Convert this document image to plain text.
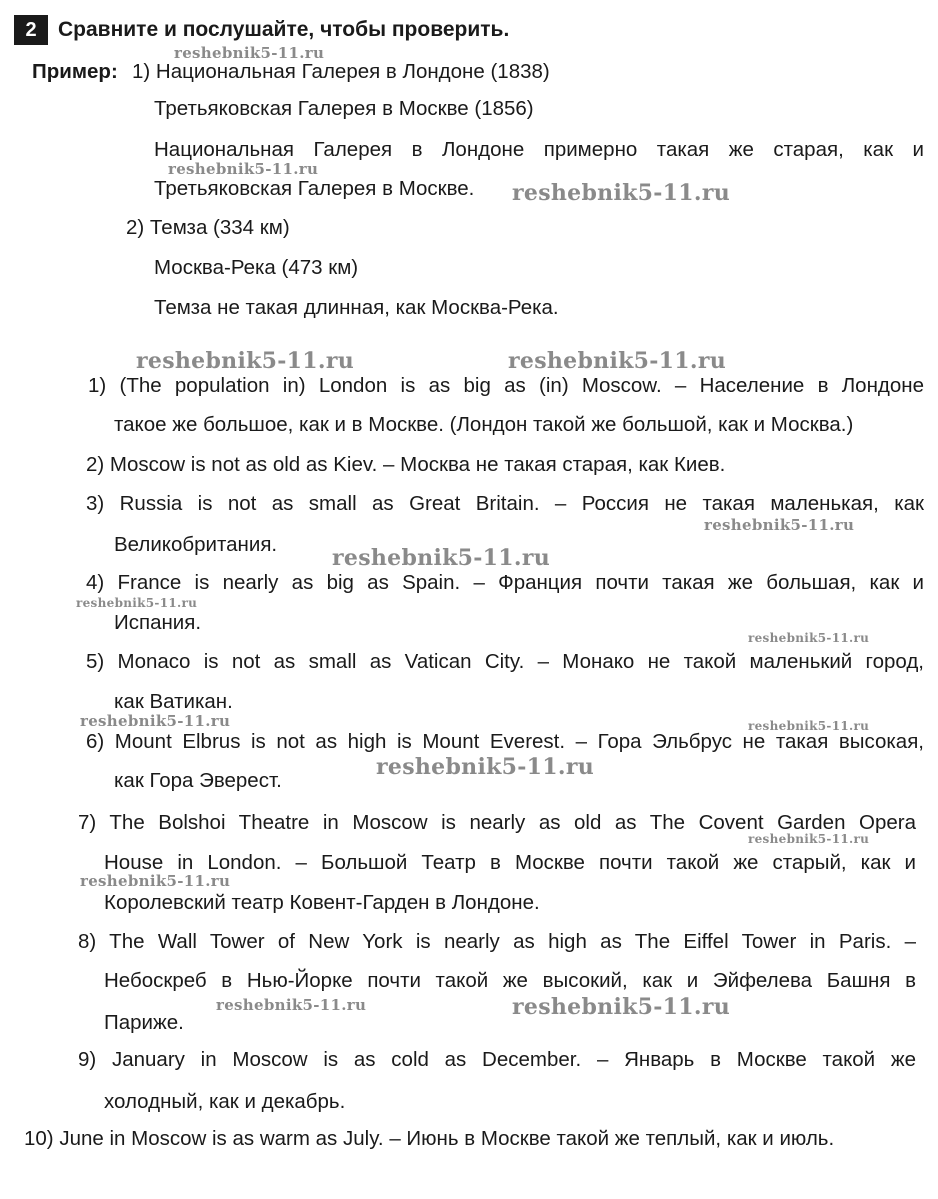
2	Сравните и послушайте, чтобы проверить.
Пример: 1) Национальная Галерея в Лондоне (1838)
Третьяковская Галерея в Москве (1856)
Национальная Галерея в Лондоне примерно такая же старая, как и
Третьяковская Галерея в Москве.
2) Темза (334 км)
Москва-Река (473 км)
Темза не такая длинная, как Москва-Река.
1) (The population in) London is as big as (in) Moscow. – Население в Лондоне
такое же большое, как и в Москве. (Лондон такой же большой, как и Москва.)
2) Moscow is not as old as Kiev. – Москва не такая старая, как Киев.
3) Russia is not as small as Great Britain. – Россия не такая маленькая, как
Великобритания.
4) France is nearly as big as Spain. – Франция почти такая же большая, как и
Испания.
5) Monaco is not as small as Vatican City. – Монако не такой маленький город,
как Ватикан.
6) Mount Elbrus is not as high is Mount Everest. – Гора Эльбрус не такая высокая,
как Гора Эверест.
7) The Bolshoi Theatre in Moscow is nearly as old as The Covent Garden Opera
House in London. – Большой Театр в Москве почти такой же старый, как и
Королевский театр Ковент-Гарден в Лондоне.
8) The Wall Tower of New York is nearly as high as The Eiffel Tower in Paris. –
Небоскреб в Нью-Йорке почти такой же высокий, как и Эйфелева Башня в
Париже.
9) January in Moscow is as cold as December. – Январь в Москве такой же
холодный, как и декабрь.
10) June in Moscow is as warm as July. – Июнь в Москве такой же теплый, как и июль.
reshebnik5-11.ru
reshebnik5-11.ru
reshebnik5-11.ru
reshebnik5-11.ru	reshebnik5-11.ru
reshebnik5-11.ru
reshebnik5-11.ru
reshebnik5-11.ru
reshebnik5-11.ru
reshebnik5-11.ru	reshebnik5-11.ru
reshebnik5-11.ru
reshebnik5-11.ru
reshebnik5-11.ru
reshebnik5-11.ru	reshebnik5-11.ru
